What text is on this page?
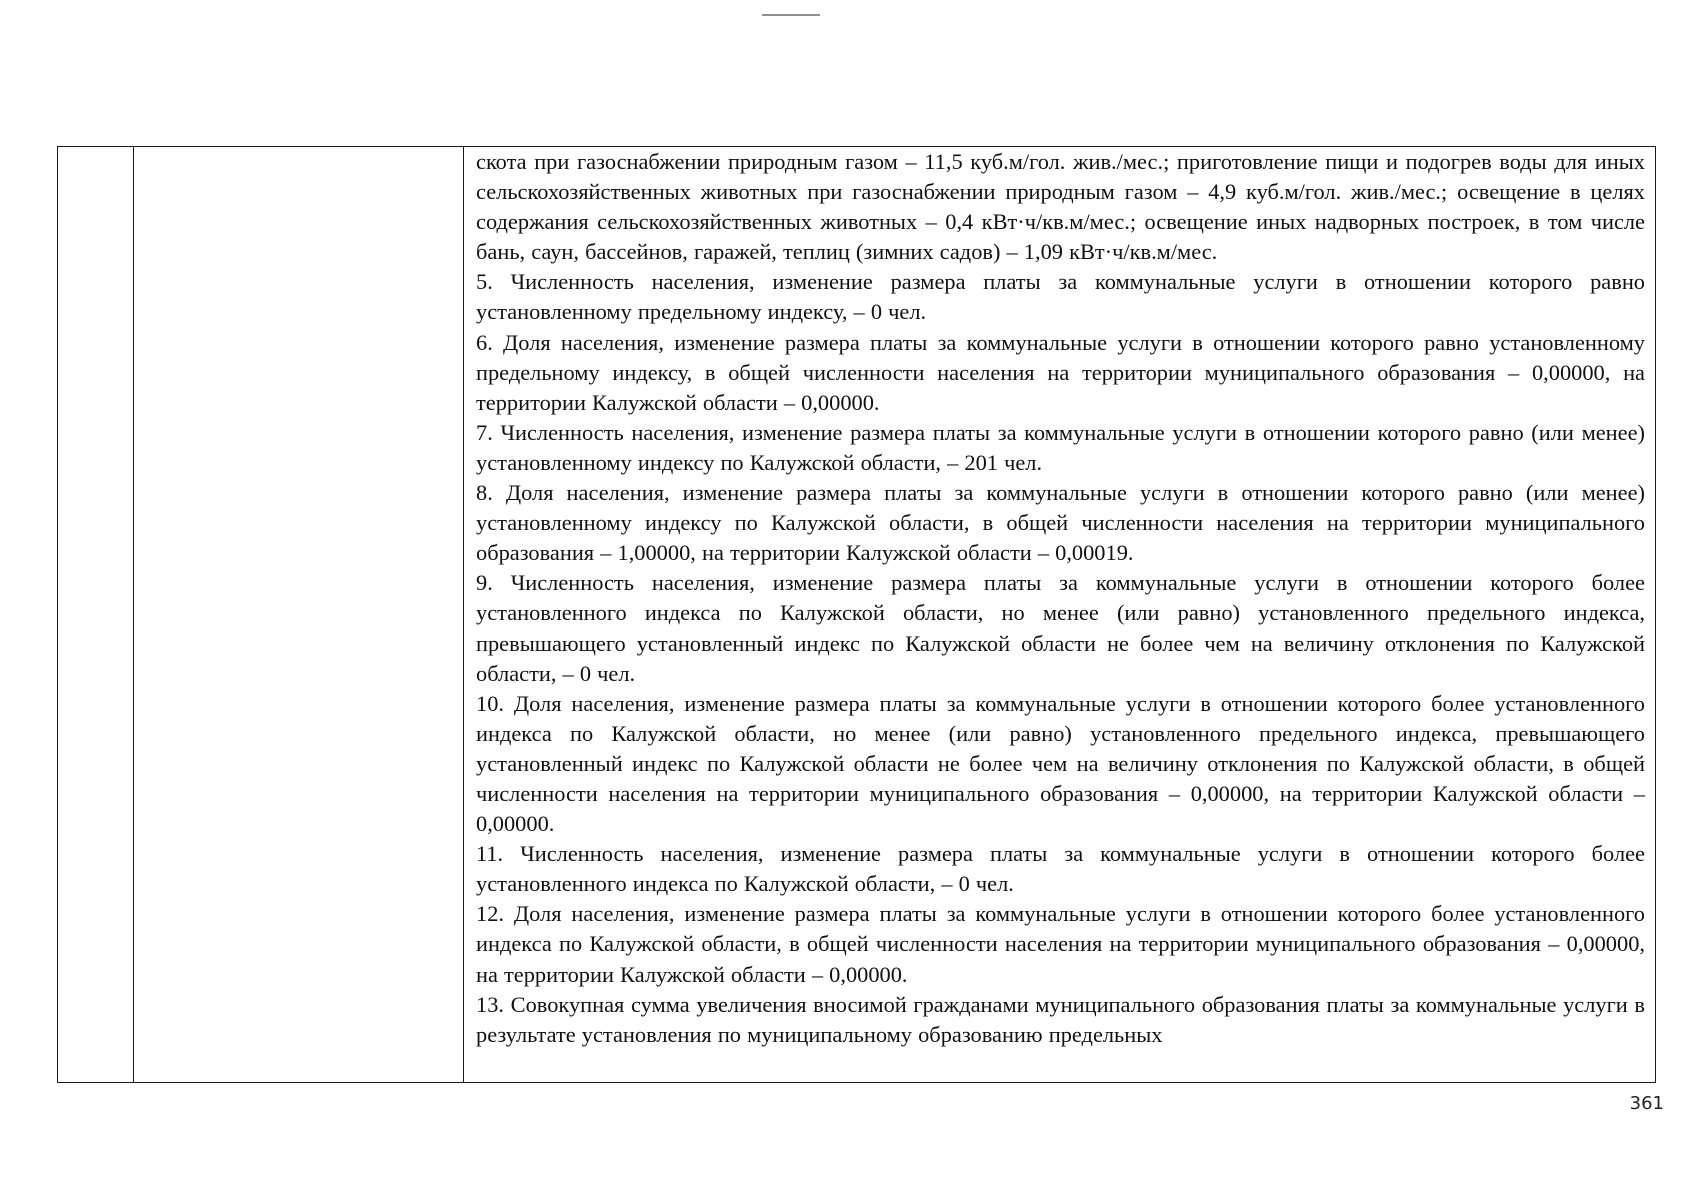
скота при газоснабжении природным газом – 11,5 куб.м/гол. жив./мес.; приготовление пищи и подогрев воды для иных сельскохозяйственных животных при газоснабжении природным газом – 4,9 куб.м/гол. жив./мес.; освещение в целях содержания сельскохозяйственных животных – 0,4 кВт·ч/кв.м/мес.; освещение иных надворных построек, в том числе бань, саун, бассейнов, гаражей, теплиц (зимних садов) – 1,09 кВт·ч/кв.м/мес.

5. Численность населения, изменение размера платы за коммунальные услуги в отношении которого равно установленному предельному индексу, – 0 чел.

6. Доля населения, изменение размера платы за коммунальные услуги в отношении которого равно установленному предельному индексу, в общей численности населения на территории муниципального образования – 0,00000, на территории Калужской области – 0,00000.

7. Численность населения, изменение размера платы за коммунальные услуги в отношении которого равно (или менее) установленному индексу по Калужской области, – 201 чел.

8. Доля населения, изменение размера платы за коммунальные услуги в отношении которого равно (или менее) установленному индексу по Калужской области, в общей численности населения на территории муниципального образования – 1,00000, на территории Калужской области – 0,00019.

9. Численность населения, изменение размера платы за коммунальные услуги в отношении которого более установленного индекса по Калужской области, но менее (или равно) установленного предельного индекса, превышающего установленный индекс по Калужской области не более чем на величину отклонения по Калужской области, – 0 чел.

10. Доля населения, изменение размера платы за коммунальные услуги в отношении которого более установленного индекса по Калужской области, но менее (или равно) установленного предельного индекса, превышающего установленный индекс по Калужской области не более чем на величину отклонения по Калужской области, в общей численности населения на территории муниципального образования – 0,00000, на территории Калужской области – 0,00000.

11. Численность населения, изменение размера платы за коммунальные услуги в отношении которого более установленного индекса по Калужской области, – 0 чел.

12. Доля населения, изменение размера платы за коммунальные услуги в отношении которого более установленного индекса по Калужской области, в общей численности населения на территории муниципального образования – 0,00000, на территории Калужской области – 0,00000.

13. Совокупная сумма увеличения вносимой гражданами муниципального образования платы за коммунальные услуги в результате установления по муниципальному образованию предельных

361
